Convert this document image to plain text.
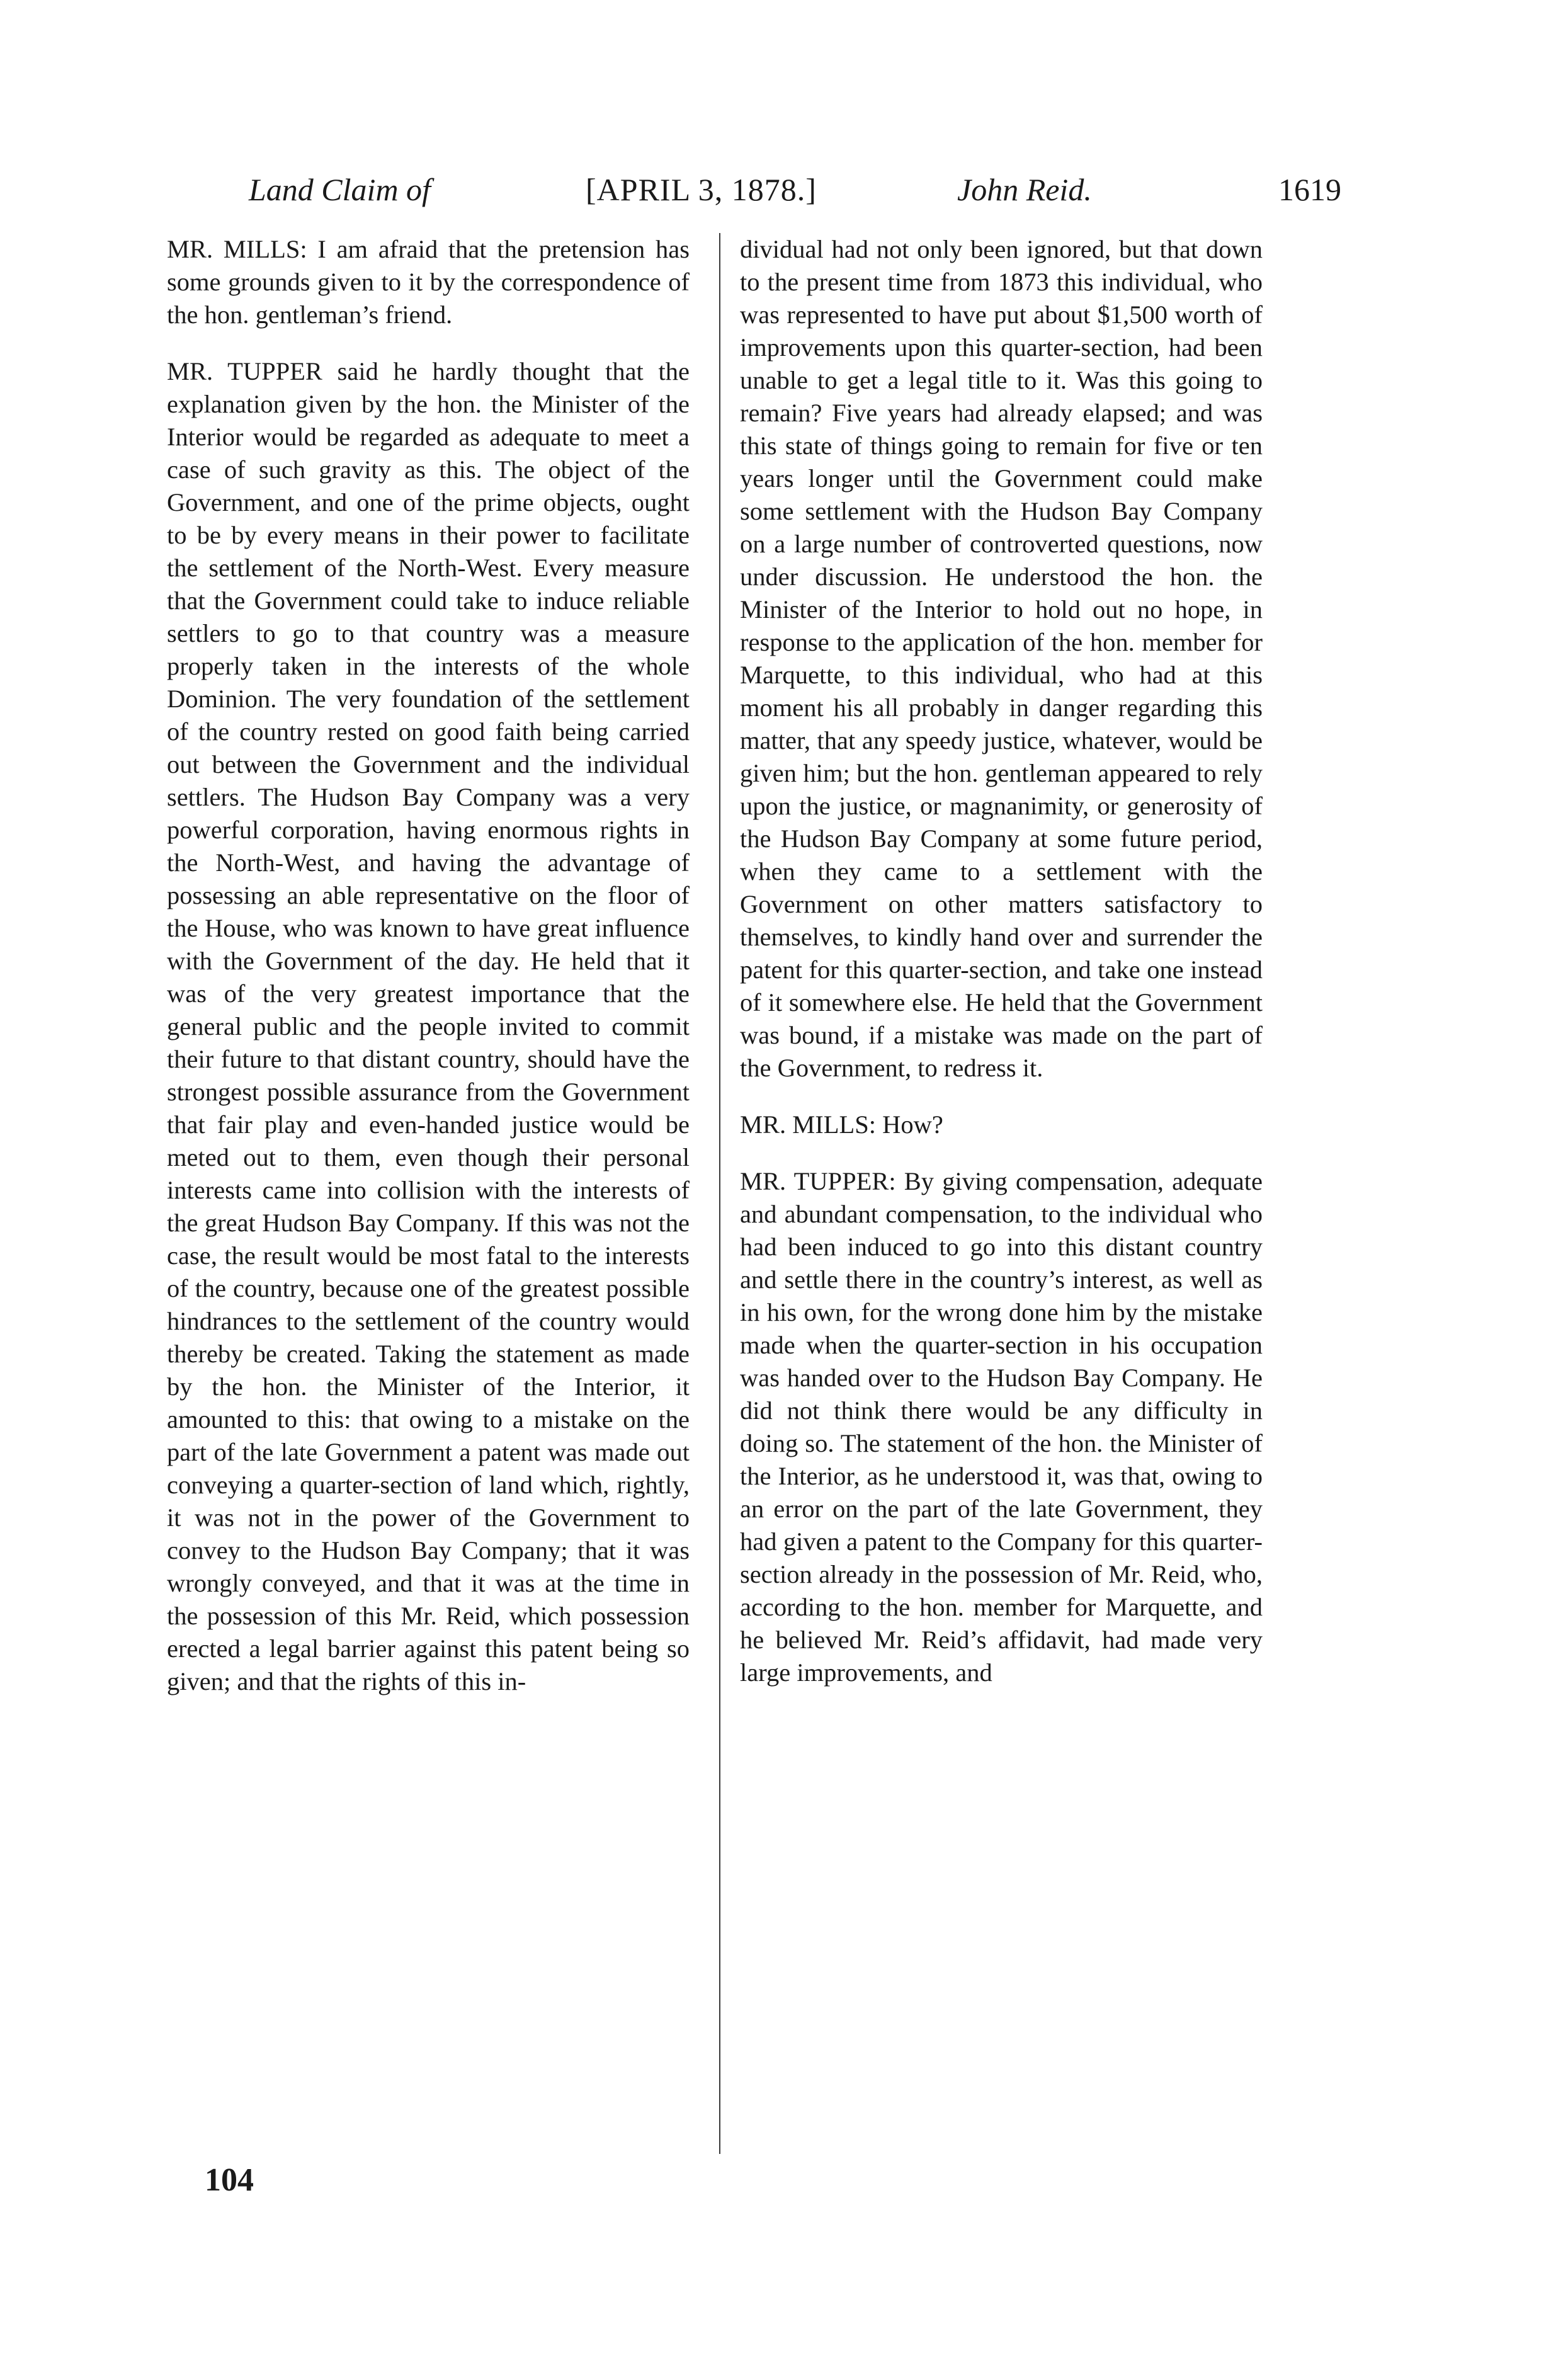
Land Claim of	[APRIL 3, 1878.]	John Reid.	1619

MR. MILLS: I am afraid that the pretension has some grounds given to it by the correspondence of the hon. gentleman’s friend.

MR. TUPPER said he hardly thought that the explanation given by the hon. the Minister of the Interior would be regarded as adequate to meet a case of such gravity as this. The object of the Government, and one of the prime objects, ought to be by every means in their power to facilitate the settlement of the North-West. Every measure that the Government could take to induce reliable settlers to go to that country was a measure properly taken in the interests of the whole Dominion. The very foundation of the settlement of the country rested on good faith being carried out between the Government and the individual settlers. The Hudson Bay Company was a very powerful corporation, having enormous rights in the North-West, and having the advantage of possessing an able representative on the floor of the House, who was known to have great influence with the Government of the day. He held that it was of the very greatest importance that the general public and the people invited to commit their future to that distant country, should have the strongest possible assurance from the Government that fair play and even-handed justice would be meted out to them, even though their personal interests came into collision with the interests of the great Hudson Bay Company. If this was not the case, the result would be most fatal to the interests of the country, because one of the greatest possible hindrances to the settlement of the country would thereby be created. Taking the statement as made by the hon. the Minister of the Interior, it amounted to this: that owing to a mistake on the part of the late Government a patent was made out conveying a quarter-section of land which, rightly, it was not in the power of the Government to convey to the Hudson Bay Company; that it was wrongly conveyed, and that it was at the time in the possession of this Mr. Reid, which possession erected a legal barrier against this patent being so given; and that the rights of this in-

dividual had not only been ignored, but that down to the present time from 1873 this individual, who was represented to have put about $1,500 worth of improvements upon this quarter-section, had been unable to get a legal title to it. Was this going to remain? Five years had already elapsed; and was this state of things going to remain for five or ten years longer until the Government could make some settlement with the Hudson Bay Company on a large number of controverted questions, now under discussion. He understood the hon. the Minister of the Interior to hold out no hope, in response to the application of the hon. member for Marquette, to this individual, who had at this moment his all probably in danger regarding this matter, that any speedy justice, whatever, would be given him; but the hon. gentleman appeared to rely upon the justice, or magnanimity, or generosity of the Hudson Bay Company at some future period, when they came to a settlement with the Government on other matters satisfactory to themselves, to kindly hand over and surrender the patent for this quarter-section, and take one instead of it somewhere else. He held that the Government was bound, if a mistake was made on the part of the Government, to redress it.

MR. MILLS: How?

MR. TUPPER: By giving compensation, adequate and abundant compensation, to the individual who had been induced to go into this distant country and settle there in the country’s interest, as well as in his own, for the wrong done him by the mistake made when the quarter-section in his occupation was handed over to the Hudson Bay Company. He did not think there would be any difficulty in doing so. The statement of the hon. the Minister of the Interior, as he understood it, was that, owing to an error on the part of the late Government, they had given a patent to the Company for this quarter-section already in the possession of Mr. Reid, who, according to the hon. member for Marquette, and he believed Mr. Reid’s affidavit, had made very large improvements, and

104
